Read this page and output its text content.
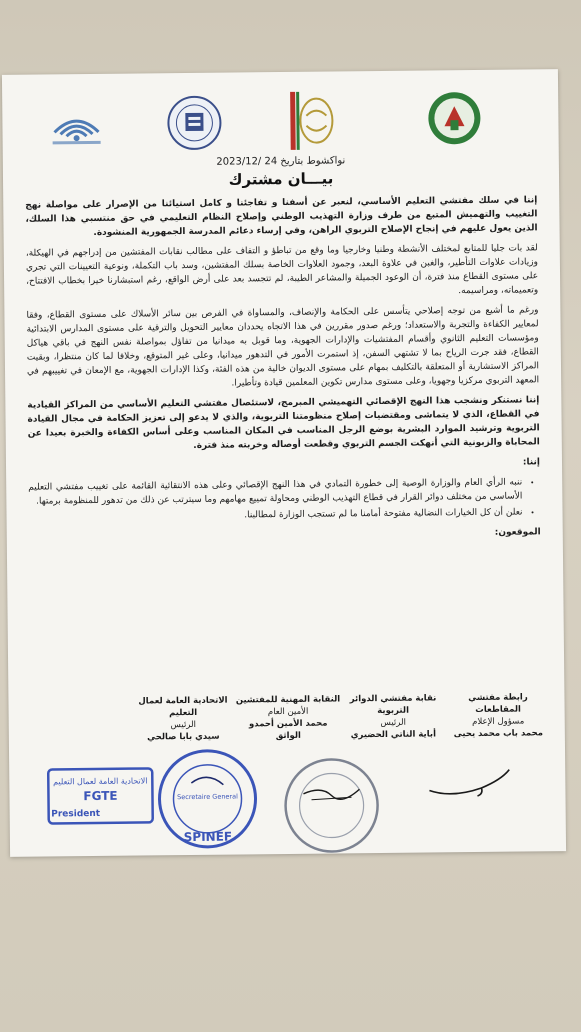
نواكشوط بتاريخ 24 /2023/12
بيـــان مشترك

إننا في سلك مفتشي التعليم الأساسي، لنعبر عن أسفنا و تفاجئنا و كامل استيائنا من الإصرار على مواصلة نهج التغييب والتهميش المتبع من طرف وزارة التهذيب الوطني وإصلاح النظام التعليمي في حق منتسبي هذا السلك، الذين يعول عليهم في إنجاح الإصلاح التربوي الراهن، وفي إرساء دعائم المدرسة الجمهورية المنشودة.

لقد بات جليا للمتابع لمختلف الأنشطة وطنيا وخارجيا وما وقع من تباطؤ و التفاف على مطالب نقابات المفتشين من إدراجهم في الهيكلة، وزيادات علاوات التأطير، والغبن في علاوة البعد، وجمود العلاوات الخاصة بسلك المفتشين، وسد باب التكملة، ونوعية التعيينات التي تجري على مستوى القطاع منذ فترة، أن الوعود الجميلة والمشاعر الطيبة، لم تتجسد بعد على أرض الواقع، رغم استبشارنا خيرا بخطاب الافتتاح، وتعميماته، ومراسيمه.

ورغم ما أشيع من توجه إصلاحي يتأسس على الحكامة والإنصاف، والمساواة في الفرص بين سائر الأسلاك على مستوى القطاع، وفقا لمعايير الكفاءة والتجربة والاستعداد؛ ورغم صدور مقررين في هذا الاتجاه يحددان معايير التحويل والترقية على مستوى المدارس الابتدائية ومؤسسات التعليم الثانوي وأقسام المفتشيات والإدارات الجهوية، وما قوبل به ميدانيا من تفاؤل بمواصلة نفس النهج في باقي هياكل القطاع، فقد جرت الرياح بما لا تشتهي السفن، إذ استمرت الأمور في التدهور ميدانيا، وعلى غير المتوقع، وخلافا لما كان منتظرا، وبقيت المراكز الاستشارية أو المتعلقة بالتكليف بمهام على مستوى الديوان خالية من هذه الفئة، وكذا الإدارات الجهوية، مع الإمعان في تغييبهم في المعهد التربوي مركزيا وجهويا، وعلى مستوى مدارس تكوين المعلمين قيادة وتأطيرا.

إننا نستنكر ونشجب هذا النهج الإقصائي التهميشي المبرمج، لاستئصال مفتشي التعليم الأساسي من المراكز القيادية في القطاع، الذي لا يتماشى ومقتضيات إصلاح منظومتنا التربوية، والذي لا يدعو إلى تعزيز الحكامة في مجال القيادة التربوية وترشيد الموارد البشرية بوضع الرجل المناسب في المكان المناسب وعلى أساس الكفاءة والخبرة بعيدا عن المحاباة والزبونية التي أنهكت الجسم التربوي وقطعت أوصاله وخربته منذ فترة.

إننا:

• ننبه الرأي العام والوزارة الوصية إلى خطورة التمادي في هذا النهج الإقصائي وعلى هذه الانتقائية القائمة على تغييب مفتشي التعليم الأساسي من مختلف دوائر القرار في قطاع التهذيب الوطني ومحاولة تمييع مهامهم وما سيترتب عن ذلك من تدهور للمنظومة برمتها.
• نعلن أن كل الخيارات النضالية مفتوحة أمامنا ما لم تستجب الوزارة لمطالبنا.

الموقعون:

رابطة مفتشي المقاطعات
مسؤول الإعلام
محمد باب محمد يحيى
نقابة مفتشي الدوائر التربوية
الرئيس
أباية الناتي الحضيري
النقابة المهنية للمفتشين
الأمين العام
محمد الأمين أحمدو الواثق
الاتحادية العامة لعمال التعليم
الرئيس
سيدي بابا صالحي
الاتحادية العامة لعمال التعليم
FGTE
President
Secretaire General
SPINEF
